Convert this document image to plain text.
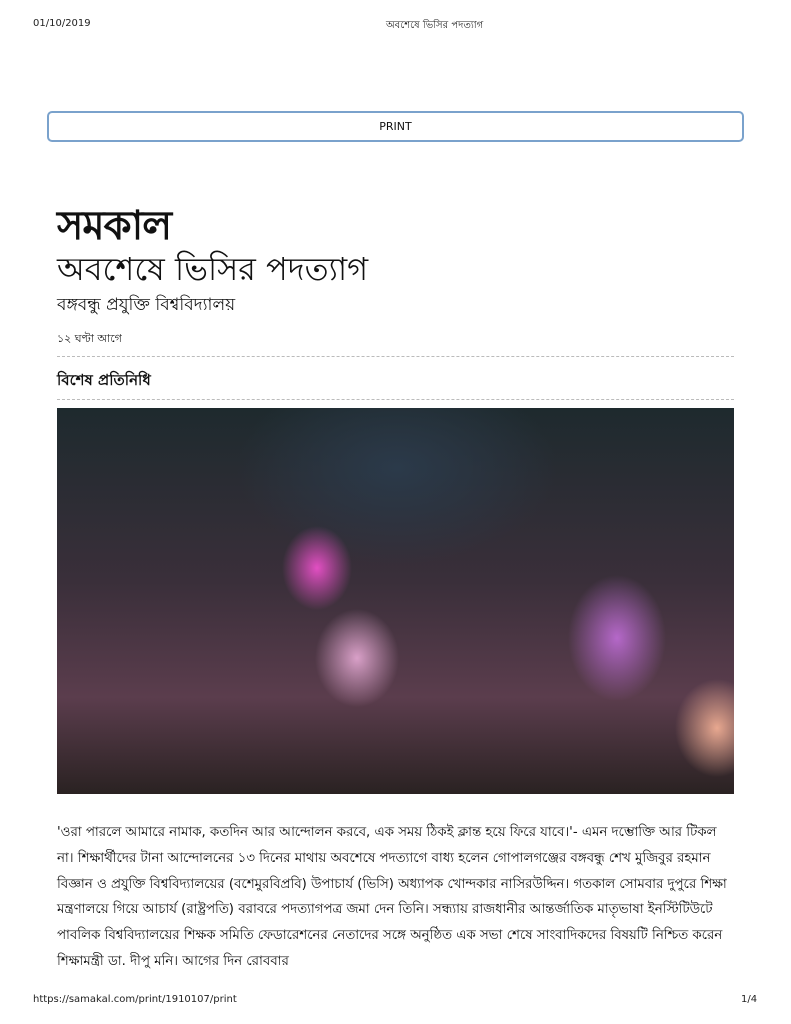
01/10/2019	অবশেষে ভিসির পদত্যাগ
PRINT
সমকাল
অবশেষে ভিসির পদত্যাগ
বঙ্গবন্ধু প্রযুক্তি বিশ্ববিদ্যালয়
১২ ঘণ্টা আগে
বিশেষ প্রতিনিধি

'ওরা পারলে আমারে নামাক, কতদিন আর আন্দোলন করবে, এক সময় ঠিকই ক্লান্ত হয়ে ফিরে যাবে।'- এমন দম্ভোক্তি আর টিকল না। শিক্ষার্থীদের টানা আন্দোলনের ১৩ দিনের মাথায় অবশেষে পদত্যাগে বাধ্য হলেন গোপালগঞ্জের বঙ্গবন্ধু শেখ মুজিবুর রহমান বিজ্ঞান ও প্রযুক্তি বিশ্ববিদ্যালয়ের (বশেমুরবিপ্রবি) উপাচার্য (ভিসি) অধ্যাপক খোন্দকার নাসিরউদ্দিন। গতকাল সোমবার দুপুরে শিক্ষা মন্ত্রণালয়ে গিয়ে আচার্য (রাষ্ট্রপতি) বরাবরে পদত্যাগপত্র জমা দেন তিনি। সন্ধ্যায় রাজধানীর আন্তর্জাতিক মাতৃভাষা ইনস্টিটিউটে পাবলিক বিশ্ববিদ্যালয়ের শিক্ষক সমিতি ফেডারেশনের নেতাদের সঙ্গে অনুষ্ঠিত এক সভা শেষে সাংবাদিকদের বিষয়টি নিশ্চিত করেন শিক্ষামন্ত্রী ডা. দীপু মনি। আগের দিন রোববার

https://samakal.com/print/1910107/print	1/4
